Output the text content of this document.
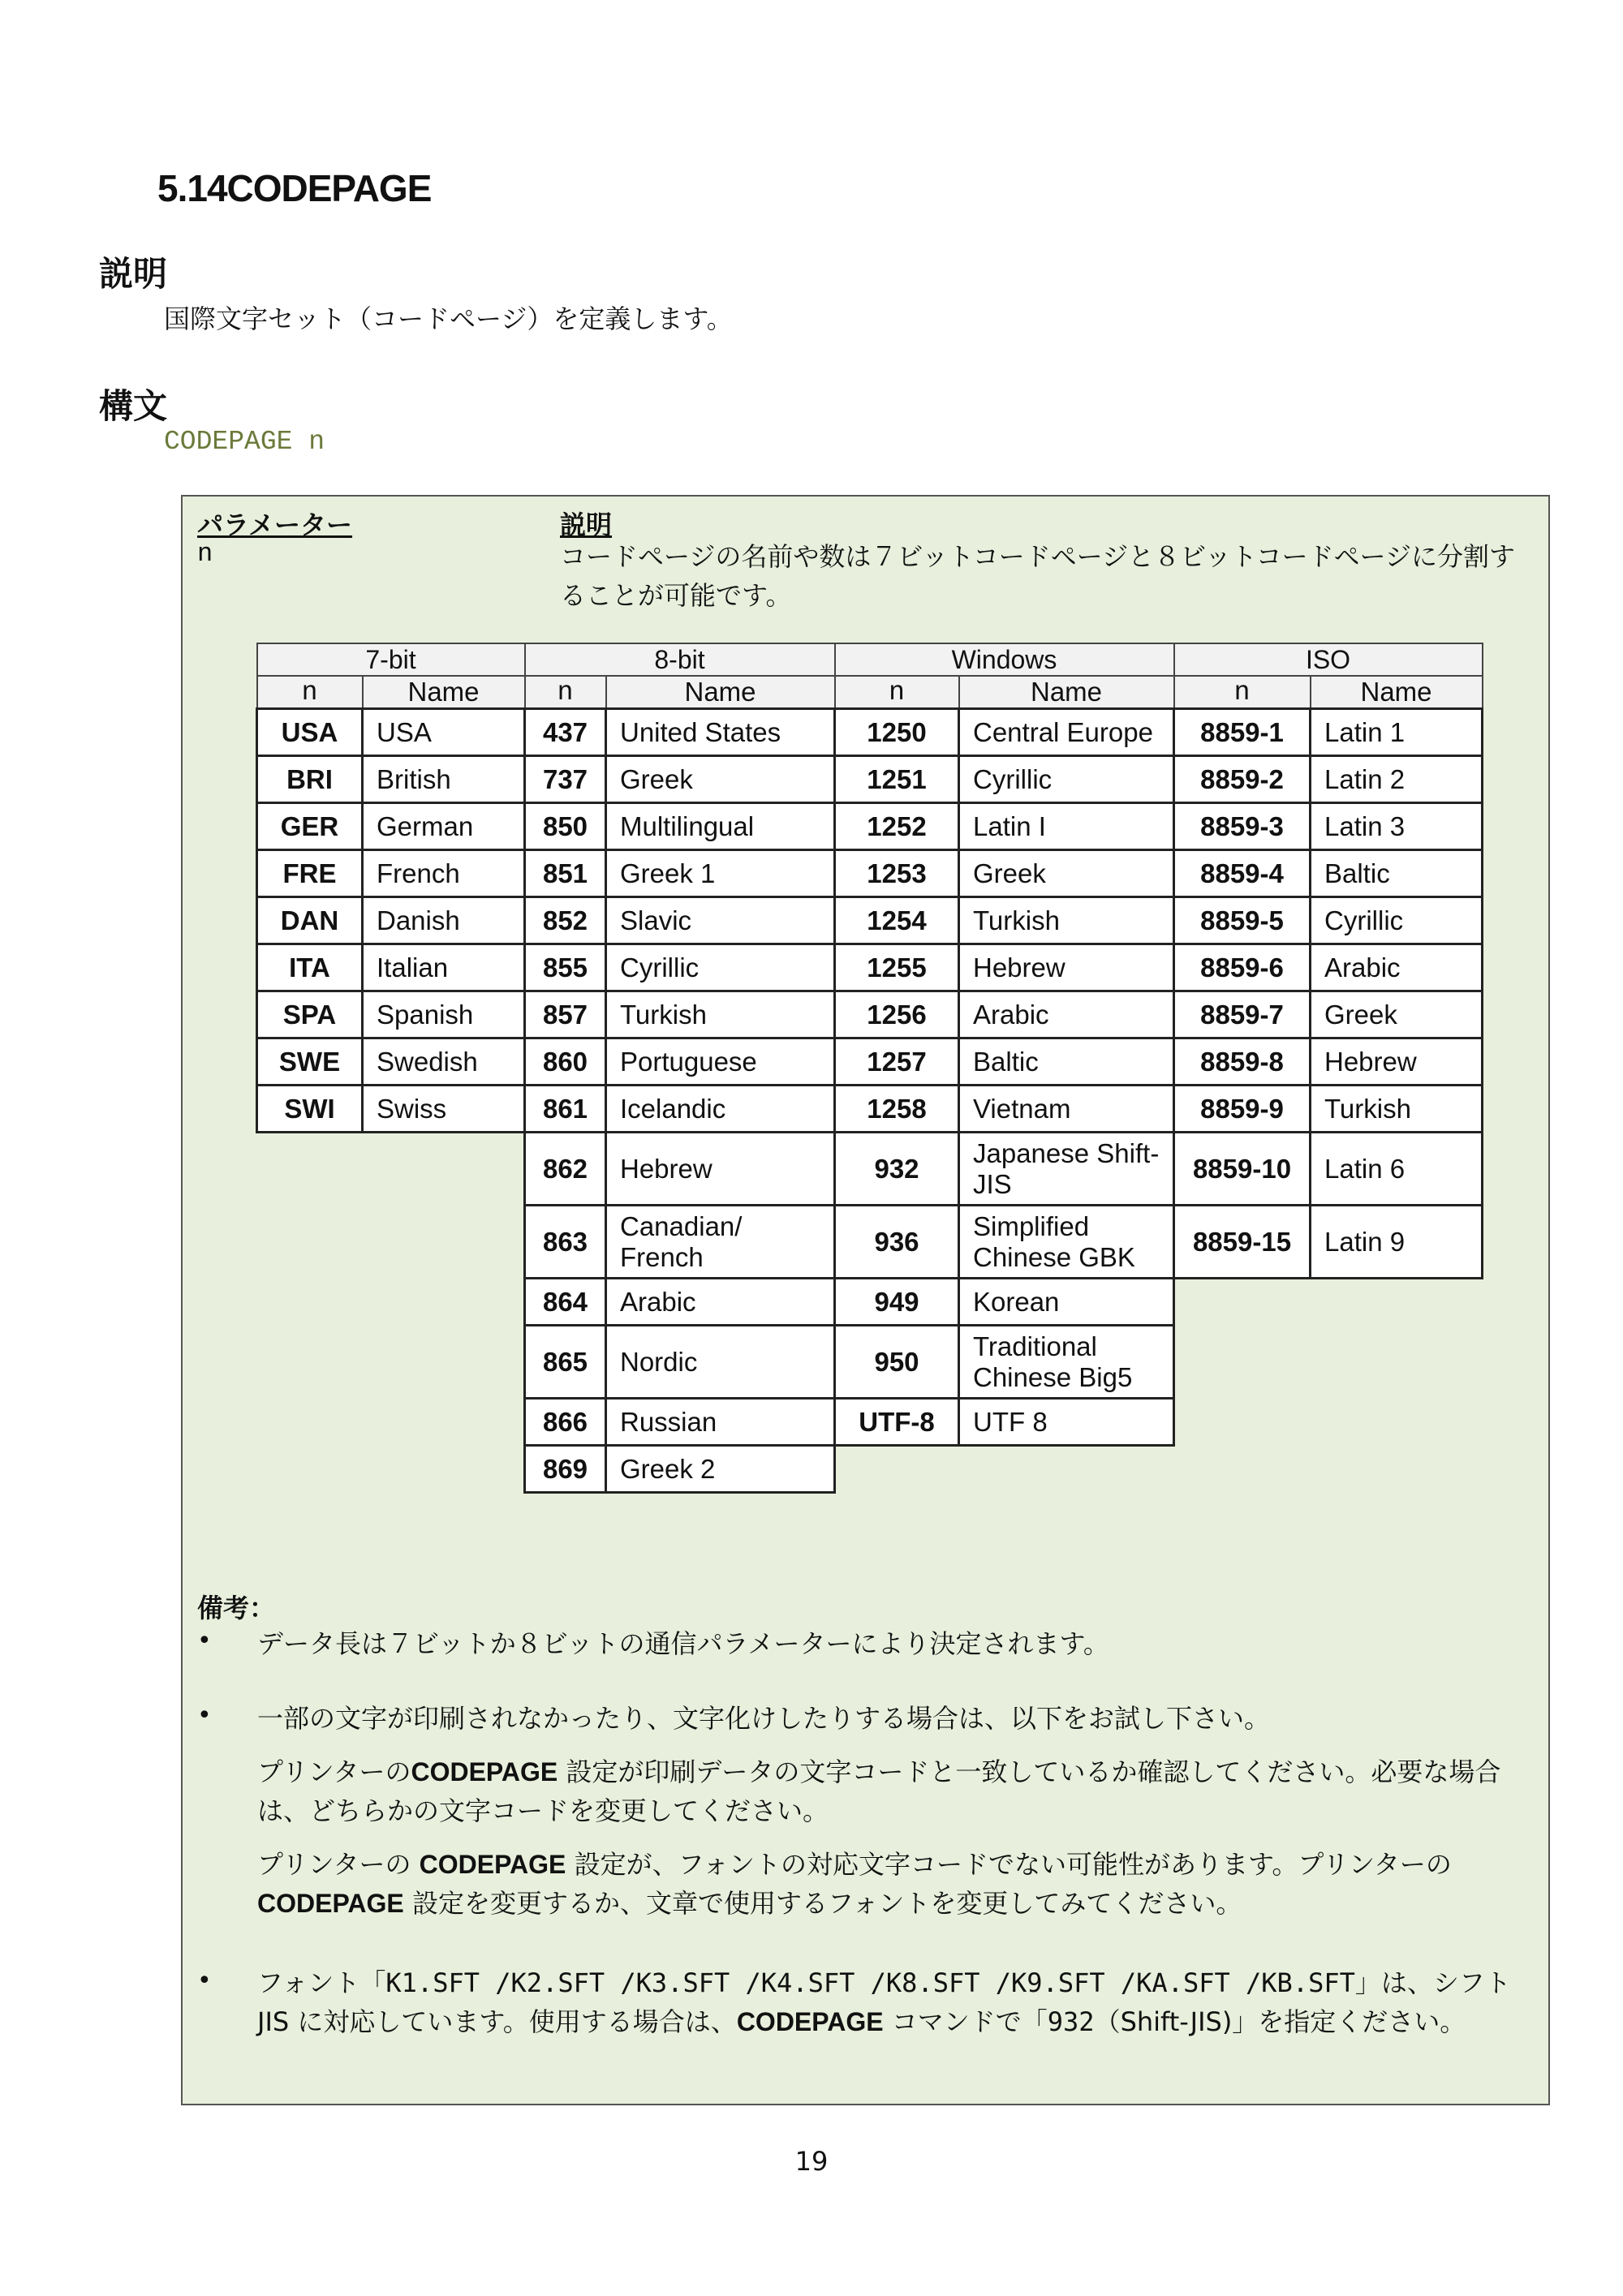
5.14CODEPAGE
説明
国際文字セット（コードページ）を定義します。
構文
CODEPAGE n
パラメーター	説明
n	コードページの名前や数は７ビットコードページと８ビットコードページに分割することが可能です。
7-bit		8-bit		Windows		ISO	
n	Name	n	Name	n	Name	n	Name
USA	USA	437	United States	1250	Central Europe	8859-1	Latin 1
BRI	British	737	Greek	1251	Cyrillic	8859-2	Latin 2
GER	German	850	Multilingual	1252	Latin I	8859-3	Latin 3
FRE	French	851	Greek 1	1253	Greek	8859-4	Baltic
DAN	Danish	852	Slavic	1254	Turkish	8859-5	Cyrillic
ITA	Italian	855	Cyrillic	1255	Hebrew	8859-6	Arabic
SPA	Spanish	857	Turkish	1256	Arabic	8859-7	Greek
SWE	Swedish	860	Portuguese	1257	Baltic	8859-8	Hebrew
SWI	Swiss	861	Icelandic	1258	Vietnam	8859-9	Turkish
		862	Hebrew	932	Japanese Shift-JIS	8859-10	Latin 6
		863	Canadian/ French	936	Simplified Chinese GBK	8859-15	Latin 9
		864	Arabic	949	Korean		
		865	Nordic	950	Traditional Chinese Big5		
		866	Russian	UTF-8	UTF 8		
		869	Greek 2				
備考：
• データ長は７ビットか８ビットの通信パラメーターにより決定されます。
• 一部の文字が印刷されなかったり、文字化けしたりする場合は、以下をお試し下さい。
プリンターのCODEPAGE 設定が印刷データの文字コードと一致しているか確認してください。必要な場合は、どちらかの文字コードを変更してください。
プリンターの CODEPAGE 設定が、フォントの対応文字コードでない可能性があります。プリンターのCODEPAGE 設定を変更するか、文章で使用するフォントを変更してみてください。
• フォント「K1.SFT /K2.SFT /K3.SFT /K4.SFT /K8.SFT /K9.SFT /KA.SFT /KB.SFT」は、シフト JIS に対応しています。使用する場合は、CODEPAGE コマンドで「932（Shift-JIS)」を指定ください。
19
